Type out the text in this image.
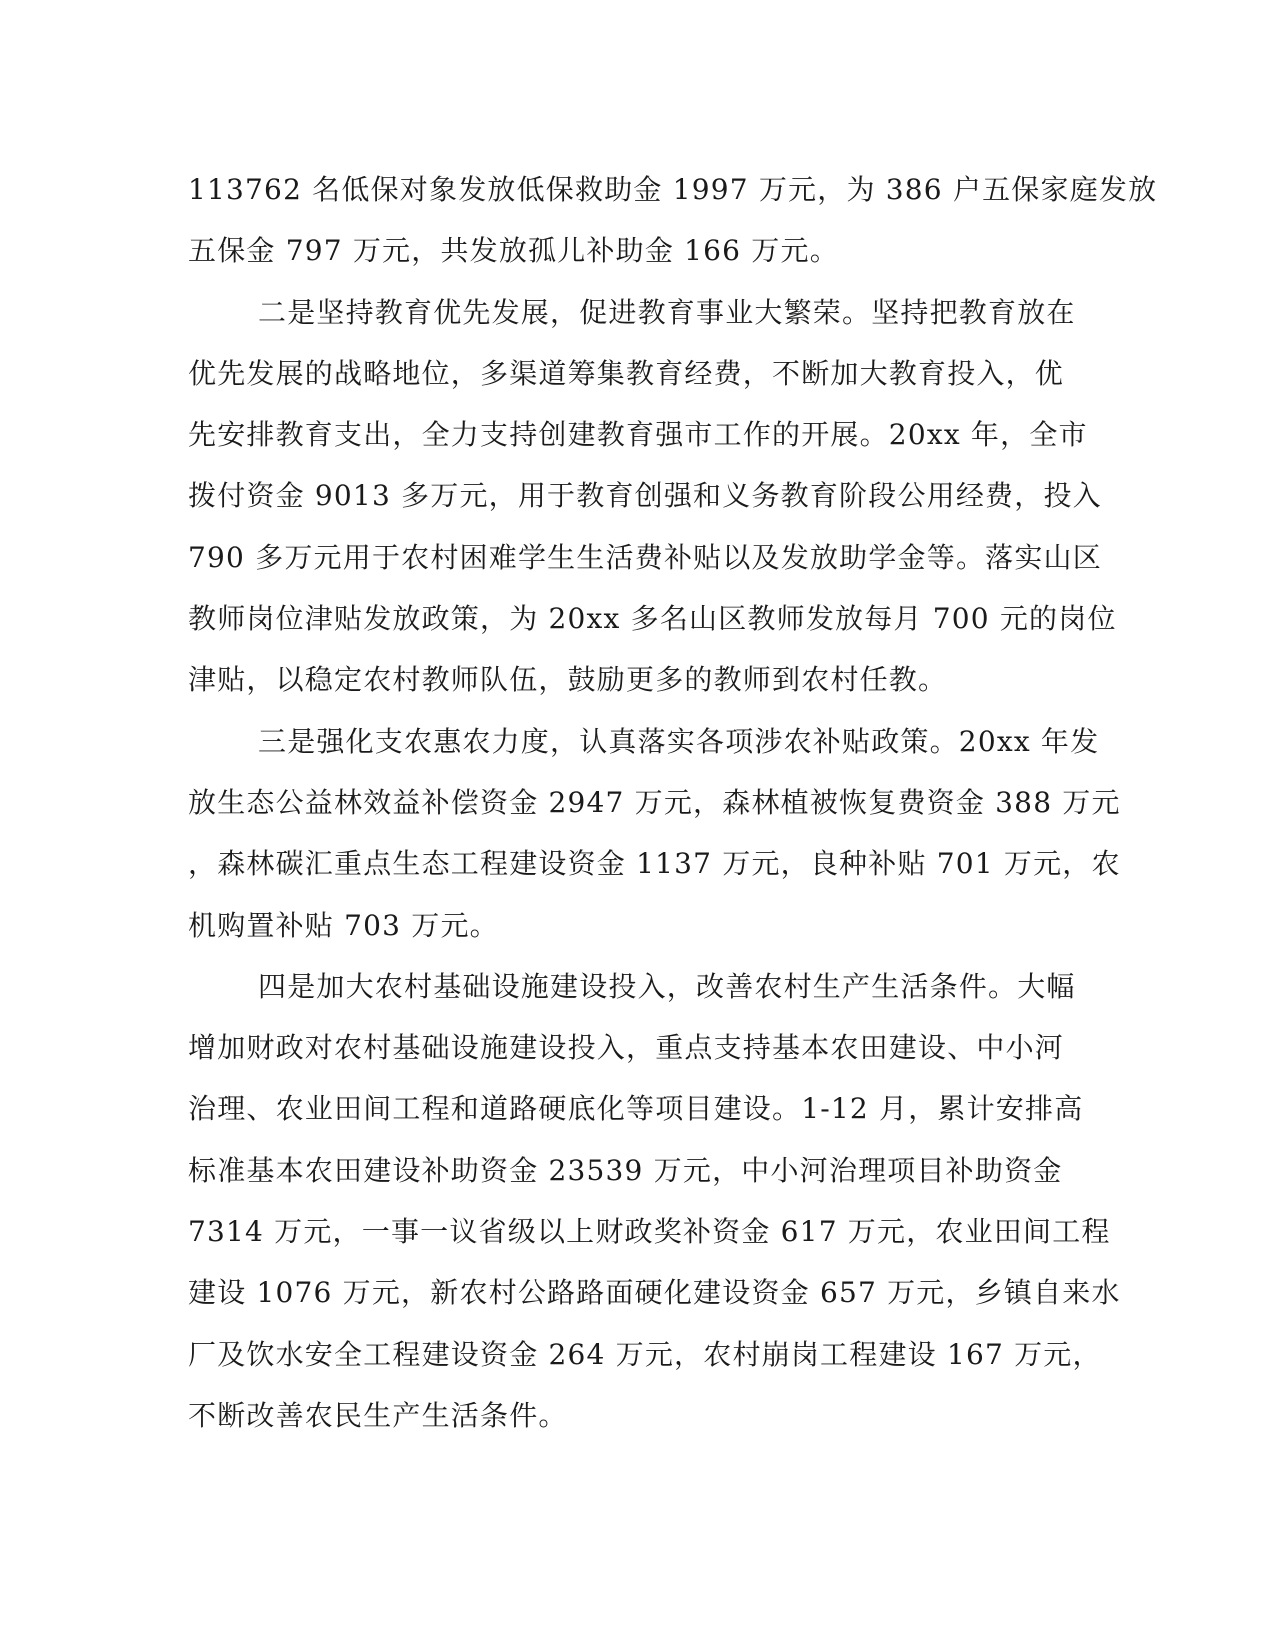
113762 名低保对象发放低保救助金 1997 万元，为 386 户五保家庭发放
五保金 797 万元，共发放孤儿补助金 166 万元。
二是坚持教育优先发展，促进教育事业大繁荣。坚持把教育放在
优先发展的战略地位，多渠道筹集教育经费，不断加大教育投入，优
先安排教育支出，全力支持创建教育强市工作的开展。20xx 年，全市
拨付资金 9013 多万元，用于教育创强和义务教育阶段公用经费，投入
790 多万元用于农村困难学生生活费补贴以及发放助学金等。落实山区
教师岗位津贴发放政策，为 20xx 多名山区教师发放每月 700 元的岗位
津贴，以稳定农村教师队伍，鼓励更多的教师到农村任教。
三是强化支农惠农力度，认真落实各项涉农补贴政策。20xx 年发
放生态公益林效益补偿资金 2947 万元，森林植被恢复费资金 388 万元
，森林碳汇重点生态工程建设资金 1137 万元，良种补贴 701 万元，农
机购置补贴 703 万元。
四是加大农村基础设施建设投入，改善农村生产生活条件。大幅
增加财政对农村基础设施建设投入，重点支持基本农田建设、中小河
治理、农业田间工程和道路硬底化等项目建设。1-12 月，累计安排高
标准基本农田建设补助资金 23539 万元，中小河治理项目补助资金
7314 万元，一事一议省级以上财政奖补资金 617 万元，农业田间工程
建设 1076 万元，新农村公路路面硬化建设资金 657 万元，乡镇自来水
厂及饮水安全工程建设资金 264 万元，农村崩岗工程建设 167 万元，
不断改善农民生产生活条件。
